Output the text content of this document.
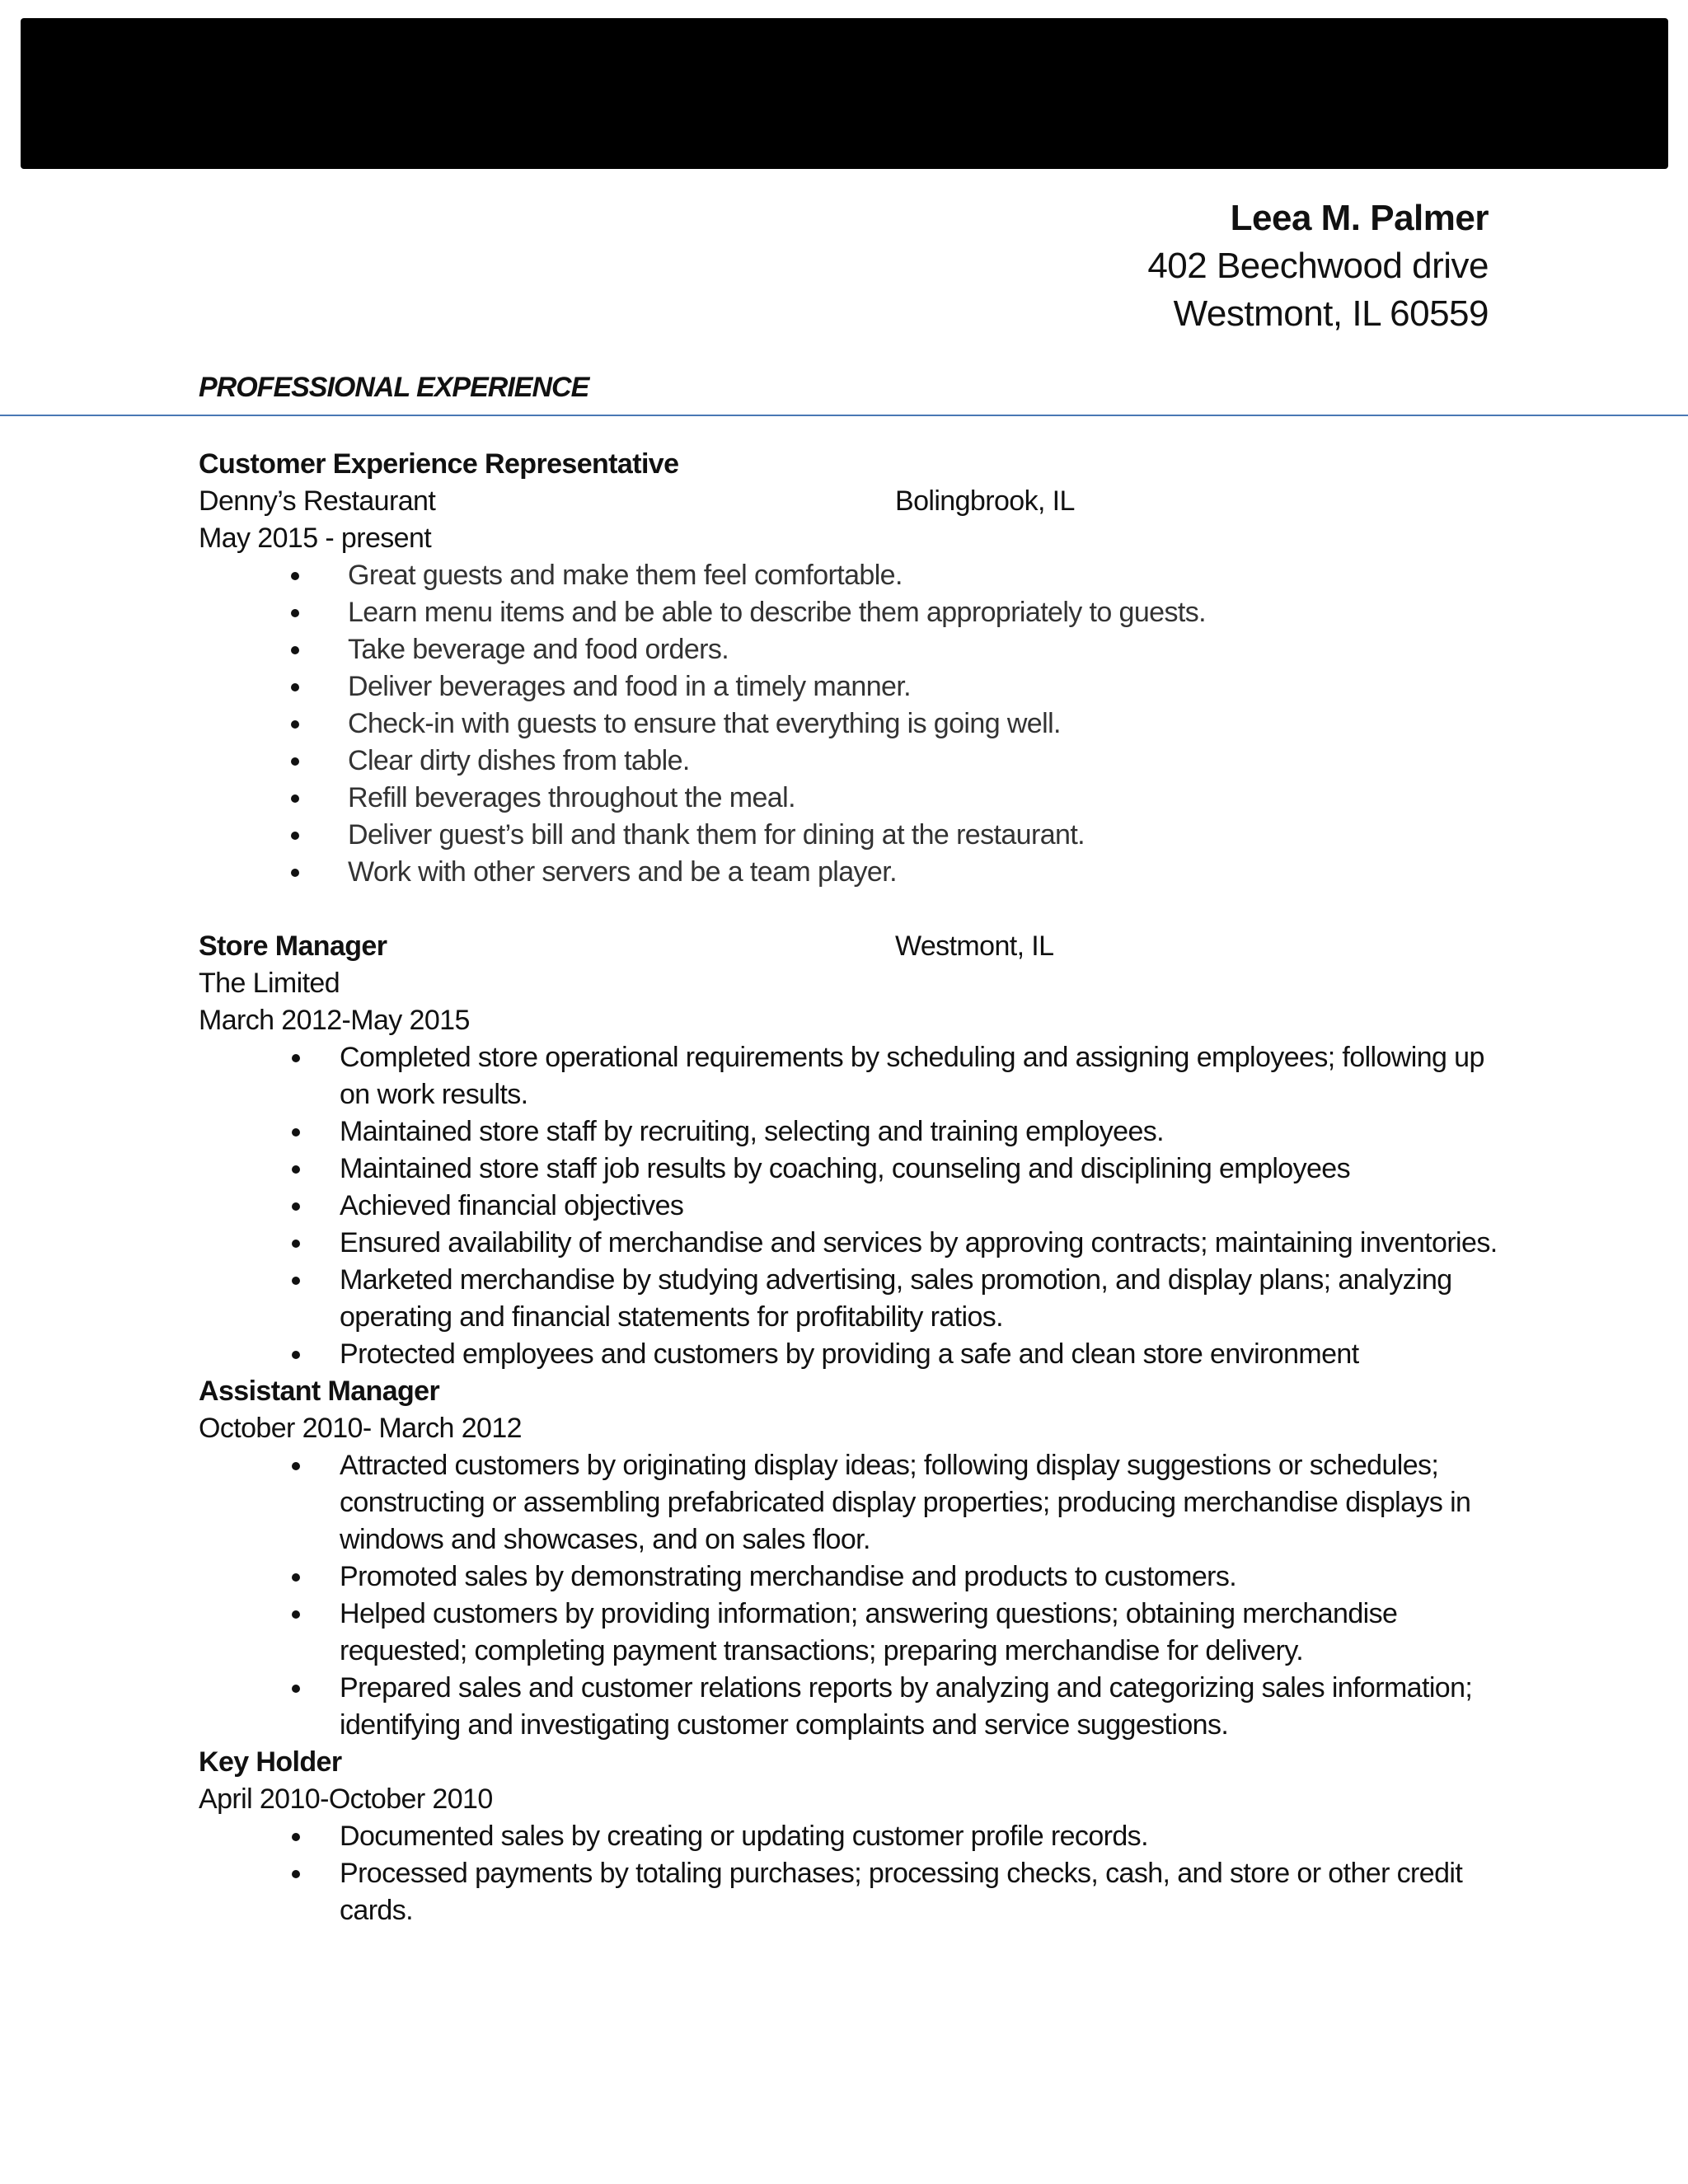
Leea M. Palmer
402 Beechwood drive
Westmont, IL 60559
PROFESSIONAL EXPERIENCE
Customer Experience Representative
Denny’s Restaurant	Bolingbrook, IL
May 2015 - present
Great guests and make them feel comfortable.
Learn menu items and be able to describe them appropriately to guests.
Take beverage and food orders.
Deliver beverages and food in a timely manner.
Check-in with guests to ensure that everything is going well.
Clear dirty dishes from table.
Refill beverages throughout the meal.
Deliver guest’s bill and thank them for dining at the restaurant.
Work with other servers and be a team player.
Store Manager	Westmont, IL
The Limited
March 2012-May 2015
Completed store operational requirements by scheduling and assigning employees; following up on work results.
Maintained store staff by recruiting, selecting and training employees.
Maintained store staff job results by coaching, counseling and disciplining employees
Achieved financial objectives
Ensured availability of merchandise and services by approving contracts; maintaining inventories.
Marketed merchandise by studying advertising, sales promotion, and display plans; analyzing operating and financial statements for profitability ratios.
Protected employees and customers by providing a safe and clean store environment
Assistant Manager
October 2010- March 2012
Attracted customers by originating display ideas; following display suggestions or schedules; constructing or assembling prefabricated display properties; producing merchandise displays in windows and showcases, and on sales floor.
Promoted sales by demonstrating merchandise and products to customers.
Helped customers by providing information; answering questions; obtaining merchandise requested; completing payment transactions; preparing merchandise for delivery.
Prepared sales and customer relations reports by analyzing and categorizing sales information; identifying and investigating customer complaints and service suggestions.
Key Holder
April 2010-October 2010
Documented sales by creating or updating customer profile records.
Processed payments by totaling purchases; processing checks, cash, and store or other credit cards.
